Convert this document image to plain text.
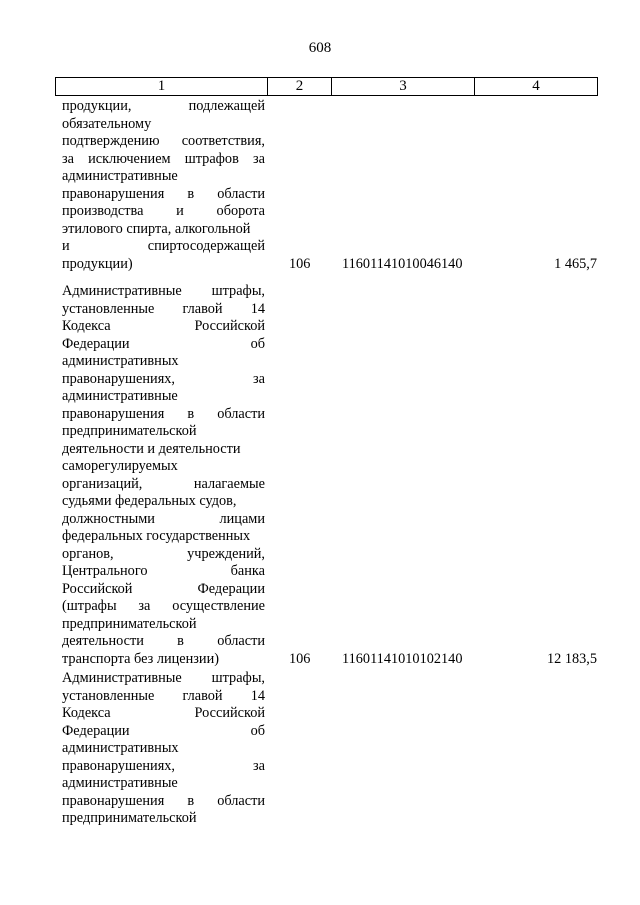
608
1	2	3	4
продукции,	подлежащей
обязательному
подтверждению соответствия,
за исключением штрафов за
административные
правонарушения в области
производства и оборота
этилового спирта, алкогольной
и	спиртосодержащей
продукции)	106 11601141010046140	1 465,7
Административные штрафы,
установленные главой 14
Кодекса	Российской
Федерации	об
административных
правонарушениях,	за
административные
правонарушения в области
предпринимательской
деятельности и деятельности
саморегулируемых
организаций,	налагаемые
судьями федеральных судов,
должностными	лицами
федеральных государственных
органов,	учреждений,
Центрального	банка
Российской	Федерации
(штрафы за осуществление
предпринимательской
деятельности в области
транспорта без лицензии)	106 11601141010102140	12 183,5
Административные штрафы,
установленные главой 14
Кодекса	Российской
Федерации	об
административных
правонарушениях,	за
административные
правонарушения в области
предпринимательской
